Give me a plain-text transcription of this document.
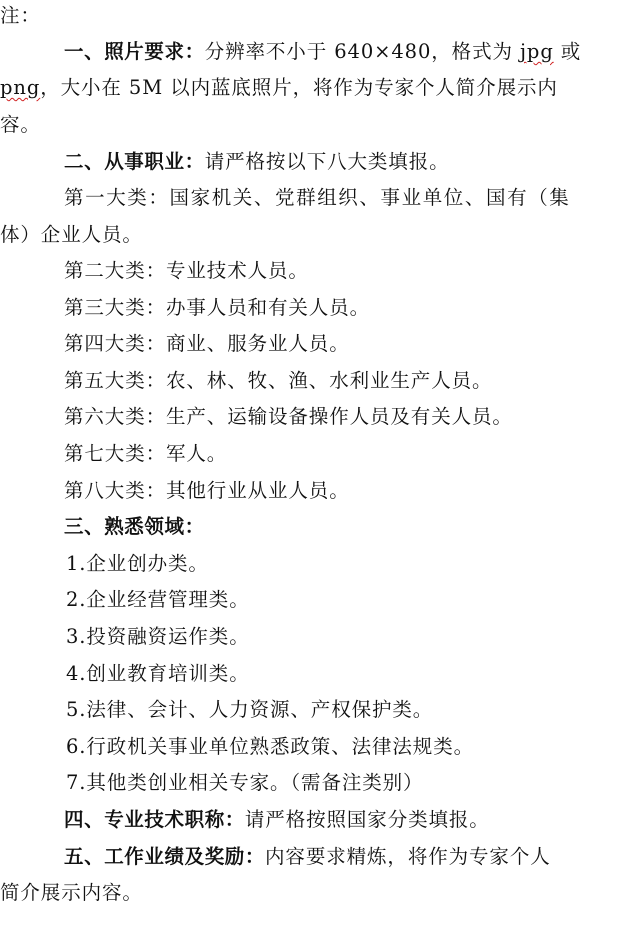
注：
一、照片要求：分辨率不小于 640×480，格式为 jpg 或
png，大小在 5M 以内蓝底照片，将作为专家个人简介展示内
容。
二、从事职业：请严格按以下八大类填报。
第一大类：国家机关、党群组织、事业单位、国有（集
体）企业人员。
第二大类：专业技术人员。
第三大类：办事人员和有关人员。
第四大类：商业、服务业人员。
第五大类：农、林、牧、渔、水利业生产人员。
第六大类：生产、运输设备操作人员及有关人员。
第七大类：军人。
第八大类：其他行业从业人员。
三、熟悉领域：
1.企业创办类。
2.企业经营管理类。
3.投资融资运作类。
4.创业教育培训类。
5.法律、会计、人力资源、产权保护类。
6.行政机关事业单位熟悉政策、法律法规类。
7.其他类创业相关专家。（需备注类别）
四、专业技术职称：请严格按照国家分类填报。
五、工作业绩及奖励：内容要求精炼，将作为专家个人
简介展示内容。
